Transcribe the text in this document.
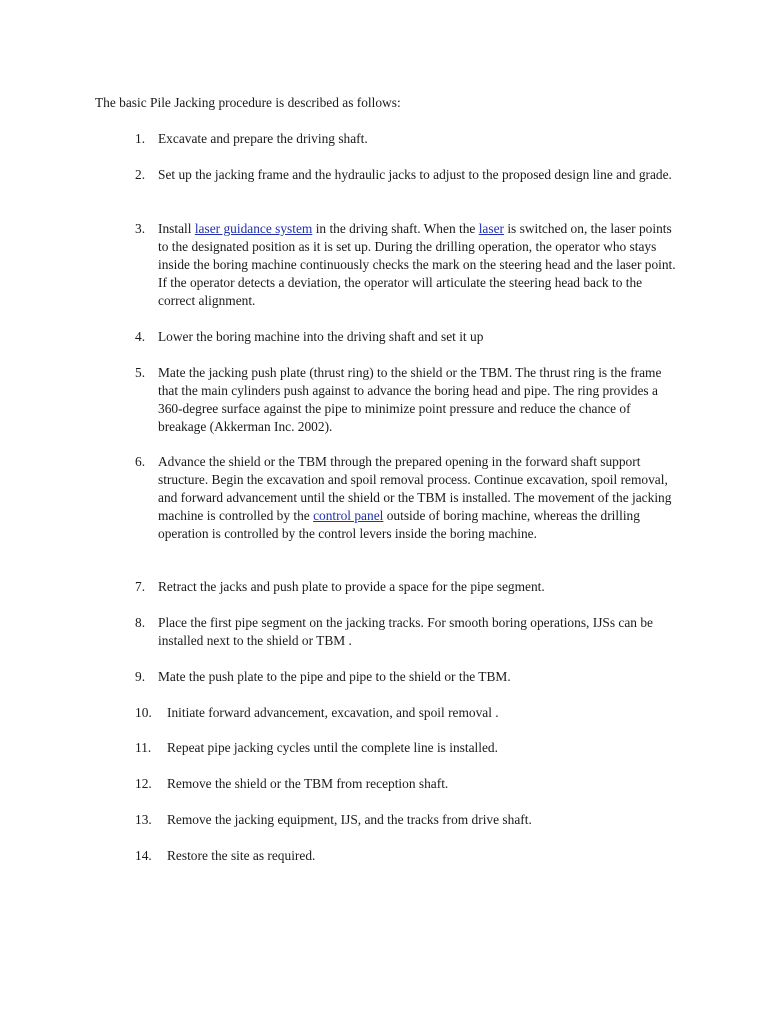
The basic Pile Jacking procedure is described as follows:

1. Excavate and prepare the driving shaft.
2. Set up the jacking frame and the hydraulic jacks to adjust to the proposed design line and grade.
3. Install laser guidance system in the driving shaft. When the laser is switched on, the laser points to the designated position as it is set up. During the drilling operation, the operator who stays inside the boring machine continuously checks the mark on the steering head and the laser point. If the operator detects a deviation, the operator will articulate the steering head back to the correct alignment.
4. Lower the boring machine into the driving shaft and set it up
5. Mate the jacking push plate (thrust ring) to the shield or the TBM. The thrust ring is the frame that the main cylinders push against to advance the boring head and pipe. The ring provides a 360-degree surface against the pipe to minimize point pressure and reduce the chance of breakage (Akkerman Inc. 2002).
6. Advance the shield or the TBM through the prepared opening in the forward shaft support structure. Begin the excavation and spoil removal process. Continue excavation, spoil removal, and forward advancement until the shield or the TBM is installed. The movement of the jacking machine is controlled by the control panel outside of boring machine, whereas the drilling operation is controlled by the control levers inside the boring machine.
7. Retract the jacks and push plate to provide a space for the pipe segment.
8. Place the first pipe segment on the jacking tracks. For smooth boring operations, IJSs can be installed next to the shield or TBM .
9. Mate the push plate to the pipe and pipe to the shield or the TBM.
10. Initiate forward advancement, excavation, and spoil removal .
11. Repeat pipe jacking cycles until the complete line is installed.
12. Remove the shield or the TBM from reception shaft.
13. Remove the jacking equipment, IJS, and the tracks from drive shaft.
14. Restore the site as required.
